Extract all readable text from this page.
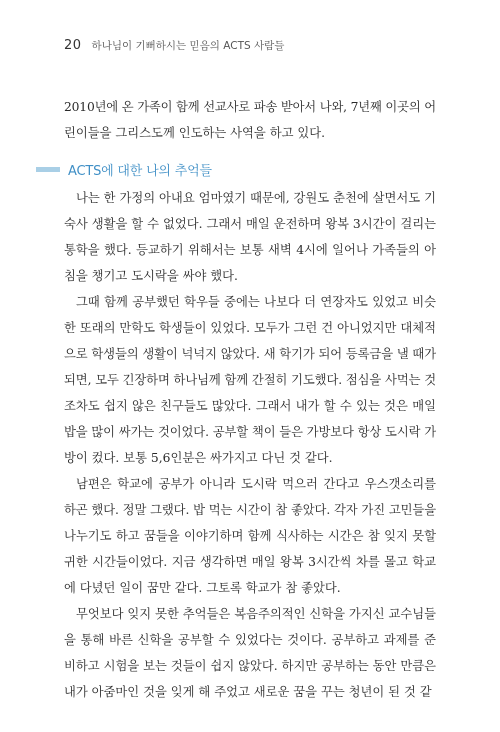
20 하나님이 기뻐하시는 믿음의 ACTS 사람들
2010년에 온 가족이 함께 선교사로 파송 받아서 나와, 7년째 이곳의 어
린이들을 그리스도께 인도하는 사역을 하고 있다.
ACTS에 대한 나의 추억들
나는 한 가정의 아내요 엄마였기 때문에, 강원도 춘천에 살면서도 기
숙사 생활을 할 수 없었다. 그래서 매일 운전하며 왕복 3시간이 걸리는
통학을 했다. 등교하기 위해서는 보통 새벽 4시에 일어나 가족들의 아
침을 챙기고 도시락을 싸야 했다.
그때 함께 공부했던 학우들 중에는 나보다 더 연장자도 있었고 비슷
한 또래의 만학도 학생들이 있었다. 모두가 그런 건 아니었지만 대체적
으로 학생들의 생활이 넉넉지 않았다. 새 학기가 되어 등록금을 낼 때가
되면, 모두 긴장하며 하나님께 함께 간절히 기도했다. 점심을 사먹는 것
조차도 쉽지 않은 친구들도 많았다. 그래서 내가 할 수 있는 것은 매일
밥을 많이 싸가는 것이었다. 공부할 책이 들은 가방보다 항상 도시락 가
방이 컸다. 보통 5,6인분은 싸가지고 다닌 것 같다.
남편은 학교에 공부가 아니라 도시락 먹으러 간다고 우스갯소리를
하곤 했다. 정말 그랬다. 밥 먹는 시간이 참 좋았다. 각자 가진 고민들을
나누기도 하고 꿈들을 이야기하며 함께 식사하는 시간은 참 잊지 못할
귀한 시간들이었다. 지금 생각하면 매일 왕복 3시간씩 차를 몰고 학교
에 다녔던 일이 꿈만 같다. 그토록 학교가 참 좋았다.
무엇보다 잊지 못한 추억들은 복음주의적인 신학을 가지신 교수님들
을 통해 바른 신학을 공부할 수 있었다는 것이다. 공부하고 과제를 준
비하고 시험을 보는 것들이 쉽지 않았다. 하지만 공부하는 동안 만큼은
내가 아줌마인 것을 잊게 해 주었고 새로운 꿈을 꾸는 청년이 된 것 같
